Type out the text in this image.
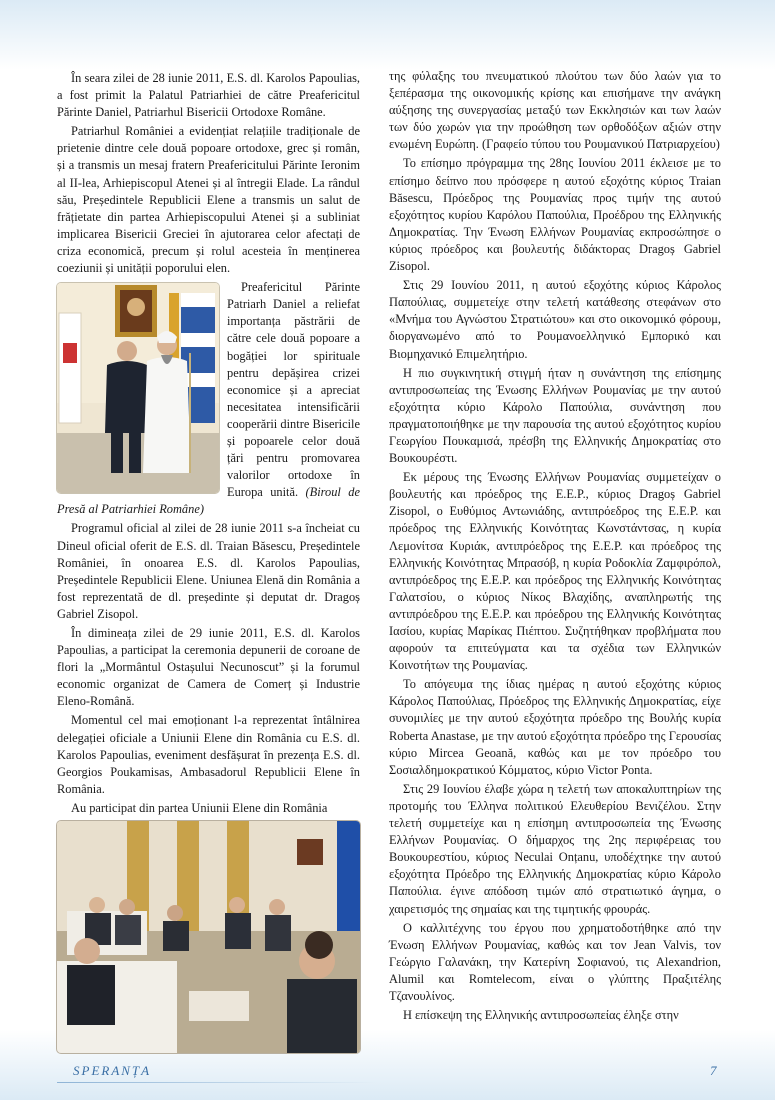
În seara zilei de 28 iunie 2011, E.S. dl. Karolos Papoulias, a fost primit la Palatul Patriarhiei de către Preafericitul Părinte Daniel, Patriarhul Bisericii Ortodoxe Române.

Patriarhul României a evidențiat relațiile tradiționale de prietenie dintre cele două popoare ortodoxe, grec și român, și a transmis un mesaj fratern Preafericitului Părinte Ieronim al II-lea, Arhiepiscopul Atenei și al întregii Elade. La rândul său, Președintele Republicii Elene a transmis un salut de frățietate din partea Arhiepiscopului Atenei și a subliniat implicarea Bisericii Greciei în ajutorarea celor afectați de criza economică, precum și rolul acesteia în menținerea coeziunii și unității poporului elen.

Preafericitul Părinte Patriarh Daniel a reliefat importanța păstrării de către cele două popoare a bogăției lor spirituale pentru depășirea crizei economice și a apreciat necesitatea intensificării cooperării dintre Bisericile și popoarele celor două țări pentru promovarea valorilor ortodoxe în Europa unită. (Biroul de Presă al Patriarhiei Române)

Programul oficial al zilei de 28 iunie 2011 s-a încheiat cu Dineul oficial oferit de E.S. dl. Traian Băsescu, Președintele României, în onoarea E.S. dl. Karolos Papoulias, Președintele Republicii Elene. Uniunea Elenă din România a fost reprezentată de dl. președinte și deputat dr. Dragoș Gabriel Zisopol.

În dimineața zilei de 29 iunie 2011, E.S. dl. Karolos Papoulias, a participat la ceremonia depunerii de coroane de flori la „Mormântul Ostașului Necunoscut” și la forumul economic organizat de Camera de Comerț și Industrie Eleno-Română.

Momentul cel mai emoționant l-a reprezentat întâlnirea delegației oficiale a Uniunii Elene din România cu E.S. dl. Karolos Papoulias, eveniment desfășurat în prezența E.S. dl. Georgios Poukamisas, Ambasadorul Republicii Elene în România.

Au participat din partea Uniunii Elene din România

της φύλαξης του πνευματικού πλούτου των δύο λαών για το ξεπέρασμα της οικονομικής κρίσης και επισήμανε την ανάγκη αύξησης της συνεργασίας μεταξύ των Εκκλησιών και των λαών των δύο χωρών για την προώθηση των ορθοδόξων αξιών στην ενωμένη Ευρώπη. (Γραφείο τύπου του Ρουμανικού Πατριαρχείου)

Το επίσημο πρόγραμμα της 28ης Ιουνίου 2011 έκλεισε με το επίσημο δείπνο που πρόσφερε η αυτού εξοχότης κύριος Traian Băsescu, Πρόεδρος της Ρουμανίας προς τιμήν της αυτού εξοχότητος κυρίου Καρόλου Παπούλια, Προέδρου της Ελληνικής Δημοκρατίας. Την Ένωση Ελλήνων Ρουμανίας εκπροσώπησε ο κύριος πρόεδρος και βουλευτής διδάκτορας Dragoș Gabriel Zisopol.

Στις 29 Ιουνίου 2011, η αυτού εξοχότης κύριος Κάρολος Παπούλιας, συμμετείχε στην τελετή κατάθεσης στεφάνων στο «Μνήμα του Αγνώστου Στρατιώτου» και στο οικονομικό φόρουμ, διοργανωμένο από το Ρουμανοελληνικό Εμπορικό και Βιομηχανικό Επιμελητήριο.

Η πιο συγκινητική στιγμή ήταν η συνάντηση της επίσημης αντιπροσωπείας της Ένωσης Ελλήνων Ρουμανίας με την αυτού εξοχότητα κύριο Κάρολο Παπούλια, συνάντηση που πραγματοποιήθηκε με την παρουσία της αυτού εξοχότητος κυρίου Γεωργίου Πουκαμισά, πρέσβη της Ελληνικής Δημοκρατίας στο Βουκουρέστι.

Εκ μέρους της Ένωσης Ελλήνων Ρουμανίας συμμετείχαν ο βουλευτής και πρόεδρος της Ε.Ε.Ρ., κύριος Dragoș Gabriel Zisopol, ο Ευθύμιος Αντωνιάδης, αντιπρόεδρος της Ε.Ε.Ρ. και πρόεδρος της Ελληνικής Κοινότητας Κωνστάντσας, η κυρία Λεμονίτσα Κυριάκ, αντιπρόεδρος της Ε.Ε.Ρ. και πρόεδρος της Ελληνικής Κοινότητας Μπρασόβ, η κυρία Ροδοκλία Ζαμφιρόπολ, αντιπρόεδρος της Ε.Ε.Ρ. και πρόεδρος της Ελληνικής Κοινότητας Γαλατσίου, ο κύριος Νίκος Βλαχίδης, αναπληρωτής της αντιπρόεδρου της Ε.Ε.Ρ. και πρόεδρου της Ελληνικής Κοινότητας Ιασίου, κυρίας Μαρίκας Πιέπτου. Συζητήθηκαν προβλήματα που αφορούν τα επιτεύγματα και τα σχέδια των Ελληνικών Κοινοτήτων της Ρουμανίας.

Το απόγευμα της ίδιας ημέρας η αυτού εξοχότης κύριος Κάρολος Παπούλιας, Πρόεδρος της Ελληνικής Δημοκρατίας, είχε συνομιλίες με την αυτού εξοχότητα πρόεδρο της Βουλής κυρία Roberta Anastase, με την αυτού εξοχότητα πρόεδρο της Γερουσίας κύριο Mircea Geoană, καθώς και με τον πρόεδρο του Σοσιαλδημοκρατικού Κόμματος, κύριο Victor Ponta.

Στις 29 Ιουνίου έλαβε χώρα η τελετή των αποκαλυπτηρίων της προτομής του Έλληνα πολιτικού Ελευθερίου Βενιζέλου. Στην τελετή συμμετείχε και η επίσημη αντιπροσωπεία της Ένωσης Ελλήνων Ρουμανίας. Ο δήμαρχος της 2ης περιφέρειας του Βουκουρεστίου, κύριος Neculai Onțanu, υποδέχτηκε την αυτού εξοχότητα Πρόεδρο της Ελληνικής Δημοκρατίας κύριο Κάρολο Παπούλια. έγινε απόδοση τιμών από στρατιωτικό άγημα, ο χαιρετισμός της σημαίας και της τιμητικής φρουράς.

Ο καλλιτέχνης του έργου που χρηματοδοτήθηκε από την Ένωση Ελλήνων Ρουμανίας, καθώς και τον Jean Valvis, τον Γεώργιο Γαλανάκη, την Κατερίνη Σοφιανού, τις Alexandrion, Alumil και Romtelecom, είναι ο γλύπτης Πραξιτέλης Τζανουλίνος.

Η επίσκεψη της Ελληνικής αντιπροσωπείας έληξε στην

SPERANȚA	7
